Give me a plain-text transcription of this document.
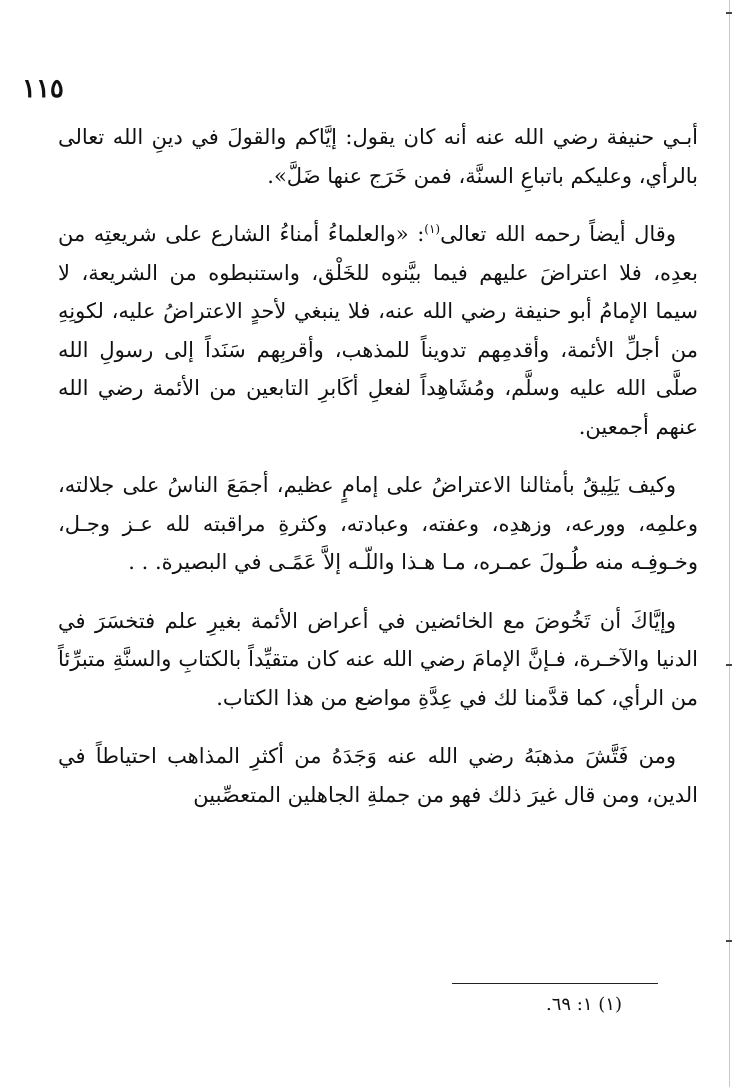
١١٥

أبـي حنيفة رضي الله عنه أنه كان يقول: إيَّاكم والقولَ في دينِ الله تعالى بالرأي، وعليكم باتباعِ السنَّة، فمن خَرَج عنها ضَلَّ».

وقال أيضاً رحمه الله تعالى$^{(١)}$: «والعلماءُ أمناءُ الشارع على شريعتِه من بعدِه، فلا اعتراضَ عليهم فيما بيَّنوه للخَلْق، واستنبطوه من الشريعة، لا سيما الإمامُ أبو حنيفة رضي الله عنه، فلا ينبغي لأحدٍ الاعتراضُ عليه، لكونِهِ من أجلِّ الأئمة، وأقدمِهم تدويناً للمذهب، وأقربِهم سَنَداً إلى رسولِ الله صلَّى الله عليه وسلَّم، ومُشَاهِداً لفعلِ أكَابرِ التابعين من الأئمة رضي الله عنهم أجمعين.

وكيف يَلِيقُ بأمثالنا الاعتراضُ على إمامٍ عظيم، أجمَعَ الناسُ على جلالته، وعلمِه، وورعه، وزهدِه، وعفته، وعبادته، وكثرةِ مراقبته لله عـز وجـل، وخـوفِـه منه طُـولَ عمـره، مـا هـذا واللّـه إلاَّ عَمًـى في البصيرة. . .

وإيَّاكَ أن تَخُوضَ مع الخائضين في أعراض الأئمة بغيرِ علم فتخسَرَ في الدنيا والآخـرة، فـإنَّ الإمامَ رضي الله عنه كان متقيِّداً بالكتابِ والسنَّةِ متبرِّئاً من الرأي، كما قدَّمنا لك في عِدَّةِ مواضع من هذا الكتاب.

ومن فَتَّشَ مذهبَهُ رضي الله عنه وَجَدَهُ من أكثرِ المذاهب احتياطاً في الدين، ومن قال غيرَ ذلك فهو من جملةِ الجاهلين المتعصِّبين

(١) ١: ٦٩.
